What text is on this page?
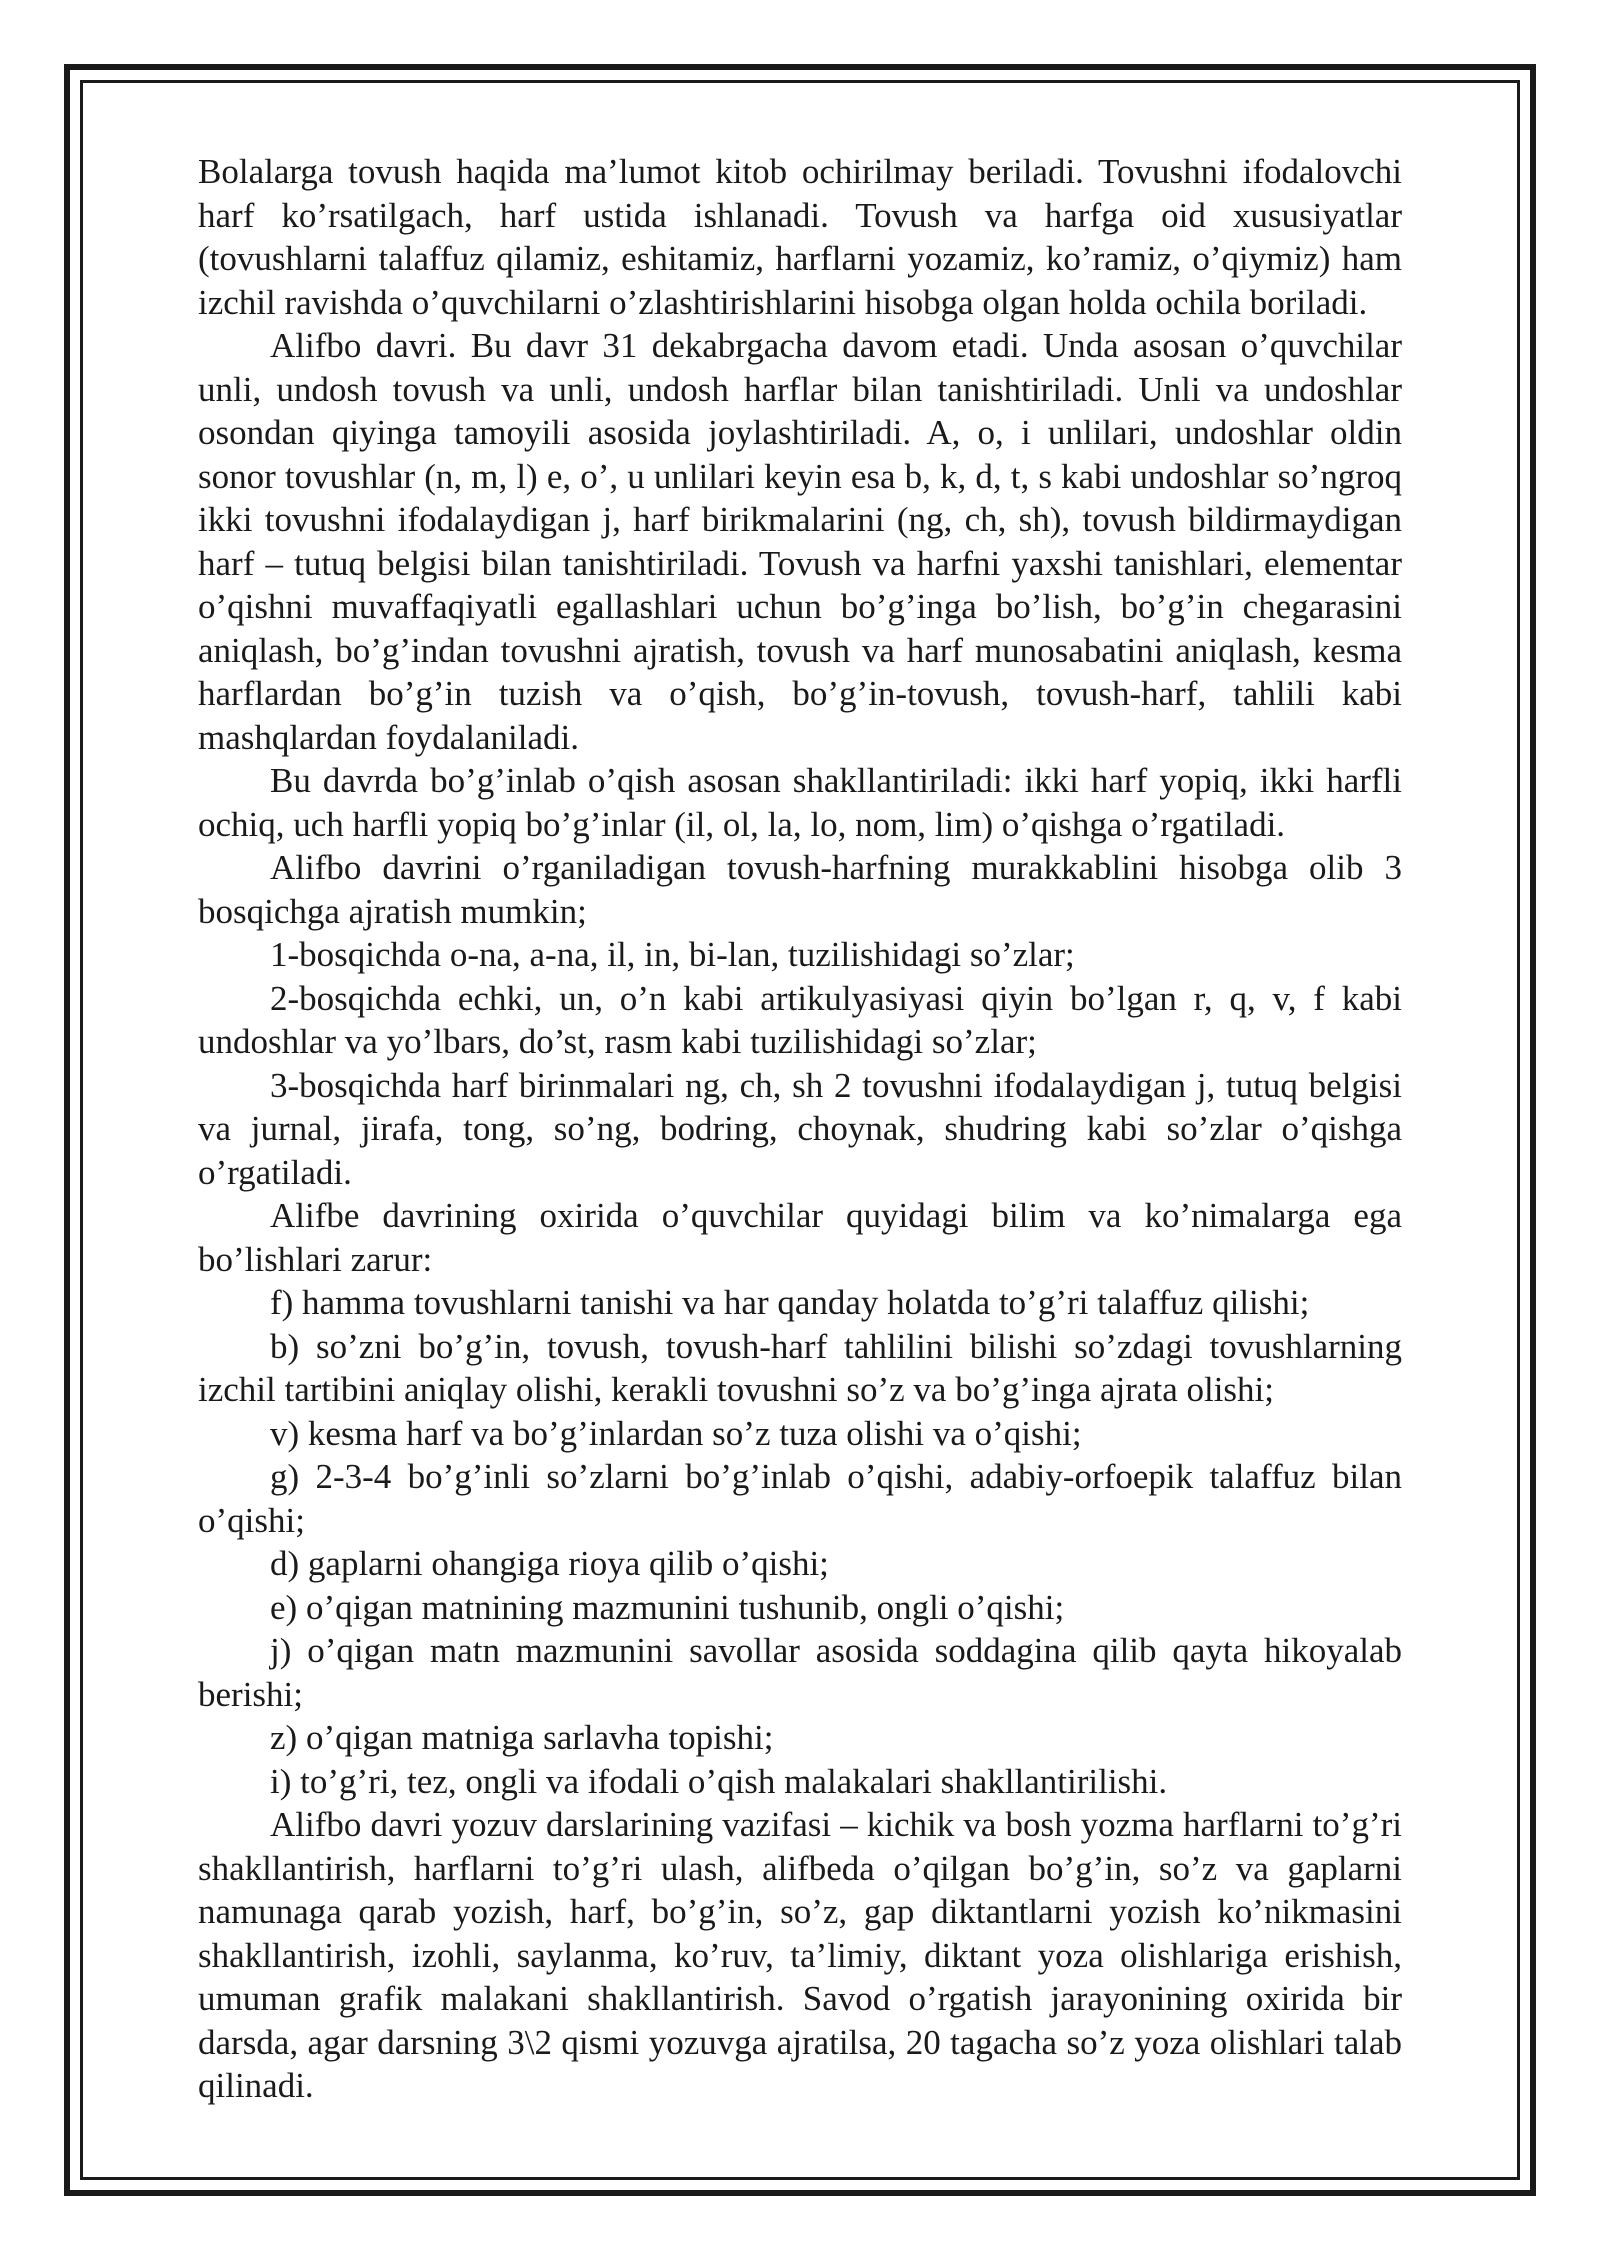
Bolalarga tovush haqida ma’lumot kitob ochirilmay beriladi. Tovushni ifodalovchi harf ko’rsatilgach, harf ustida ishlanadi. Tovush va harfga oid xususiyatlar (tovushlarni talaffuz qilamiz, eshitamiz, harflarni yozamiz, ko’ramiz, o’qiymiz) ham izchil ravishda o’quvchilarni o’zlashtirishlarini hisobga olgan holda ochila boriladi.

Alifbo davri. Bu davr 31 dekabrgacha davom etadi. Unda asosan o’quvchilar unli, undosh tovush va unli, undosh harflar bilan tanishtiriladi. Unli va undoshlar osondan qiyinga tamoyili asosida joylashtiriladi. A, o, i unlilari, undoshlar oldin sonor tovushlar (n, m, l) e, o’, u unlilari keyin esa b, k, d, t, s kabi undoshlar so’ngroq ikki tovushni ifodalaydigan j, harf birikmalarini (ng, ch, sh), tovush bildirmaydigan harf – tutuq belgisi bilan tanishtiriladi. Tovush va harfni yaxshi tanishlari, elementar o’qishni muvaffaqiyatli egallashlari uchun bo’g’inga bo’lish, bo’g’in chegarasini aniqlash, bo’g’indan tovushni ajratish, tovush va harf munosabatini aniqlash, kesma harflardan bo’g’in tuzish va o’qish, bo’g’in-tovush, tovush-harf, tahlili kabi mashqlardan foydalaniladi.

Bu davrda bo’g’inlab o’qish asosan shakllantiriladi: ikki harf yopiq, ikki harfli ochiq, uch harfli yopiq bo’g’inlar (il, ol, la, lo, nom, lim) o’qishga o’rgatiladi.

Alifbo davrini o’rganiladigan tovush-harfning murakkablini hisobga olib 3 bosqichga ajratish mumkin;

1-bosqichda o-na, a-na, il, in, bi-lan, tuzilishidagi so’zlar;

2-bosqichda echki, un, o’n kabi artikulyasiyasi qiyin bo’lgan r, q, v, f kabi undoshlar va yo’lbars, do’st, rasm kabi tuzilishidagi so’zlar;

3-bosqichda harf birinmalari ng, ch, sh 2 tovushni ifodalaydigan j, tutuq belgisi va jurnal, jirafa, tong, so’ng, bodring, choynak, shudring kabi so’zlar o’qishga o’rgatiladi.

Alifbe davrining oxirida o’quvchilar quyidagi bilim va ko’nimalarga ega bo’lishlari zarur:

f) hamma tovushlarni tanishi va har qanday holatda to’g’ri talaffuz qilishi;

b) so’zni bo’g’in, tovush, tovush-harf tahlilini bilishi so’zdagi tovushlarning izchil tartibini aniqlay olishi, kerakli tovushni so’z va bo’g’inga ajrata olishi;

v) kesma harf va bo’g’inlardan so’z tuza olishi va o’qishi;

g) 2-3-4 bo’g’inli so’zlarni bo’g’inlab o’qishi, adabiy-orfoepik talaffuz bilan o’qishi;

d) gaplarni ohangiga rioya qilib o’qishi;

e) o’qigan matnining mazmunini tushunib, ongli o’qishi;

j) o’qigan matn mazmunini savollar asosida soddagina qilib qayta hikoyalab berishi;

z) o’qigan matniga sarlavha topishi;

i) to’g’ri, tez, ongli va ifodali o’qish malakalari shakllantirilishi.

Alifbo davri yozuv darslarining vazifasi – kichik va bosh yozma harflarni to’g’ri shakllantirish, harflarni to’g’ri ulash, alifbeda o’qilgan bo’g’in, so’z va gaplarni namunaga qarab yozish, harf, bo’g’in, so’z, gap diktantlarni yozish ko’nikmasini shakllantirish, izohli, saylanma, ko’ruv, ta’limiy, diktant yoza olishlariga erishish, umuman grafik malakani shakllantirish. Savod o’rgatish jarayonining oxirida bir darsda, agar darsning 3\2 qismi yozuvga ajratilsa, 20 tagacha so’z yoza olishlari talab qilinadi.
